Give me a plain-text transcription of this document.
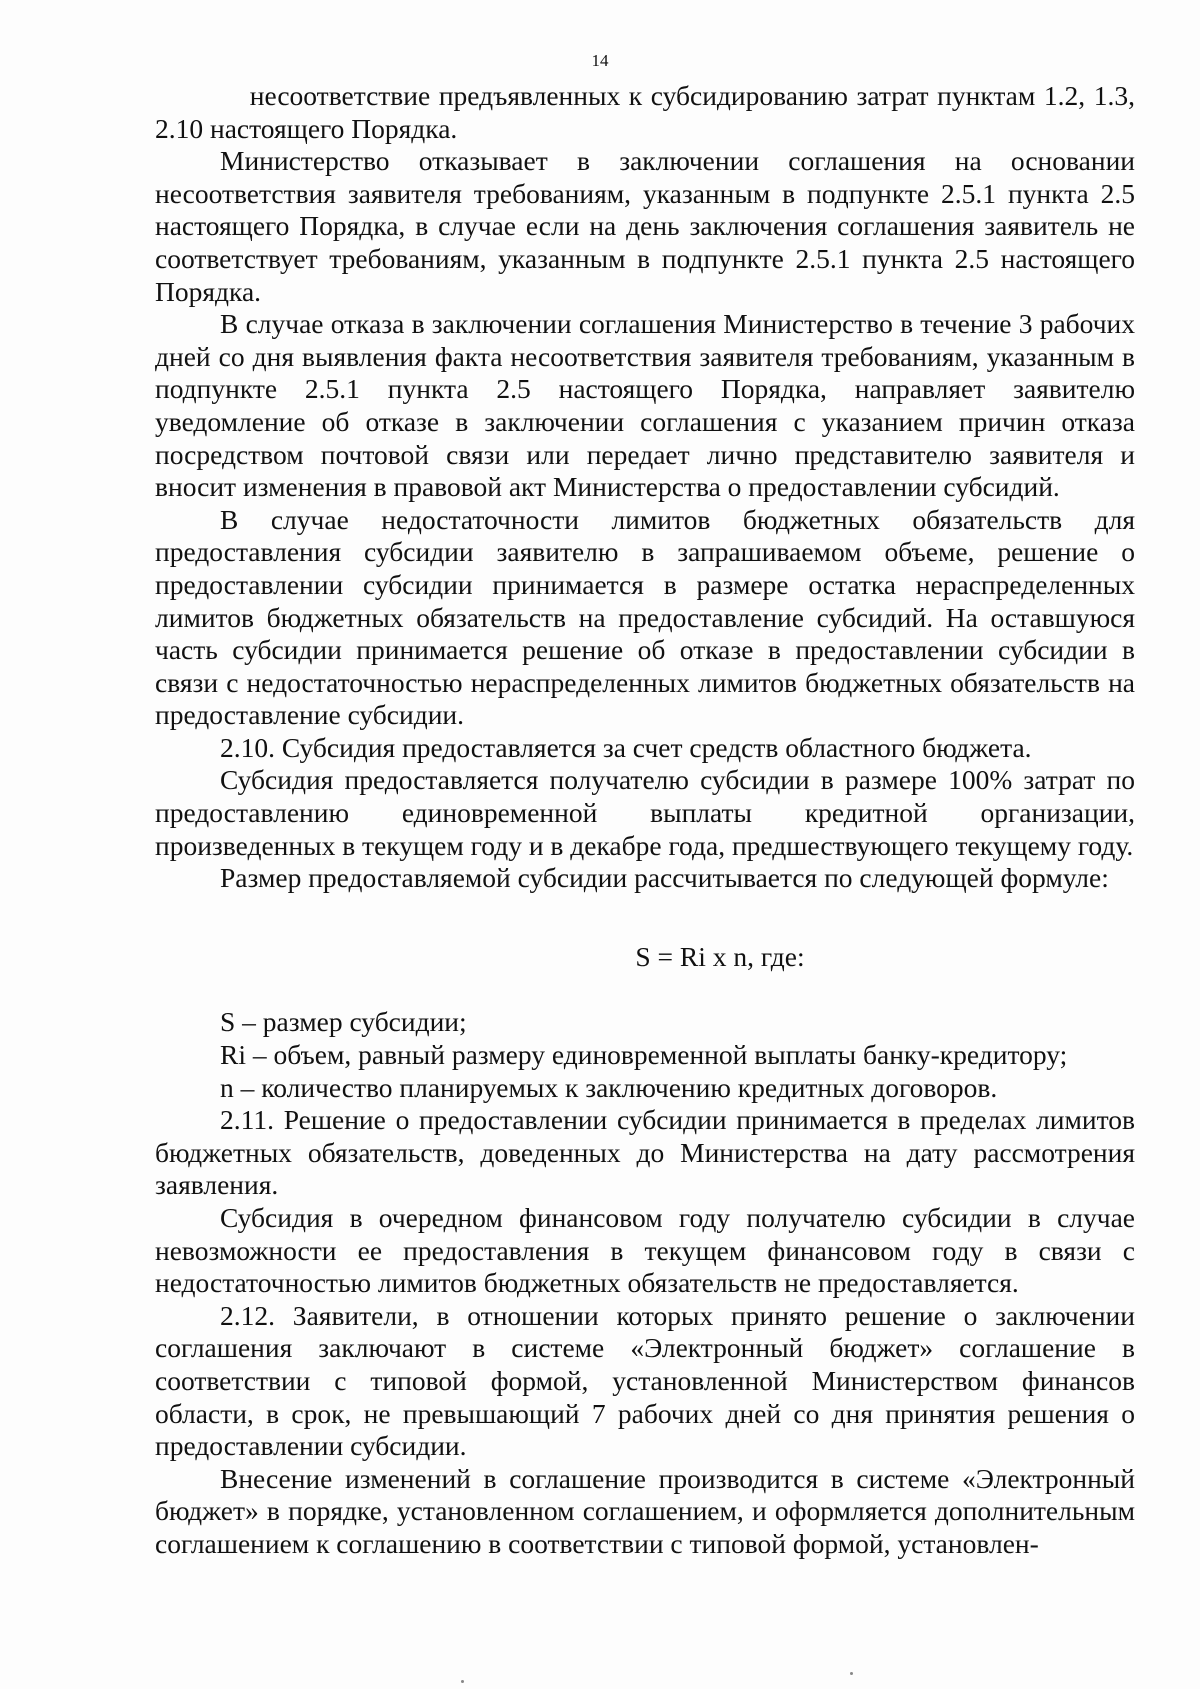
14

несоответствие предъявленных к субсидированию затрат пунктам 1.2, 1.3, 2.10 настоящего Порядка.

Министерство отказывает в заключении соглашения на основании несоответствия заявителя требованиям, указанным в подпункте 2.5.1 пункта 2.5 настоящего Порядка, в случае если на день заключения соглашения заявитель не соответствует требованиям, указанным в подпункте 2.5.1 пункта 2.5 настоящего Порядка.

В случае отказа в заключении соглашения Министерство в течение 3 рабочих дней со дня выявления факта несоответствия заявителя требованиям, указанным в подпункте 2.5.1 пункта 2.5 настоящего Порядка, направляет заявителю уведомление об отказе в заключении соглашения с указанием причин отказа посредством почтовой связи или передает лично представителю заявителя и вносит изменения в правовой акт Министерства о предоставлении субсидий.

В случае недостаточности лимитов бюджетных обязательств для предоставления субсидии заявителю в запрашиваемом объеме, решение о предоставлении субсидии принимается в размере остатка нераспределенных лимитов бюджетных обязательств на предоставление субсидий. На оставшуюся часть субсидии принимается решение об отказе в предоставлении субсидии в связи с недостаточностью нераспределенных лимитов бюджетных обязательств на предоставление субсидии.

2.10. Субсидия предоставляется за счет средств областного бюджета.

Субсидия предоставляется получателю субсидии в размере 100% затрат по предоставлению единовременной выплаты кредитной организации, произведенных в текущем году и в декабре года, предшествующего текущему году.

Размер предоставляемой субсидии рассчитывается по следующей формуле:

S = Ri x n, где:

S – размер субсидии;

Ri – объем, равный размеру единовременной выплаты банку-кредитору;

n – количество планируемых к заключению кредитных договоров.

2.11. Решение о предоставлении субсидии принимается в пределах лимитов бюджетных обязательств, доведенных до Министерства на дату рассмотрения заявления.

Субсидия в очередном финансовом году получателю субсидии в случае невозможности ее предоставления в текущем финансовом году в связи с недостаточностью лимитов бюджетных обязательств не предоставляется.

2.12. Заявители, в отношении которых принято решение о заключении соглашения заключают в системе «Электронный бюджет» соглашение в соответствии с типовой формой, установленной Министерством финансов области, в срок, не превышающий 7 рабочих дней со дня принятия решения о предоставлении субсидии.

Внесение изменений в соглашение производится в системе «Электронный бюджет» в порядке, установленном соглашением, и оформляется дополнительным соглашением к соглашению в соответствии с типовой формой, установлен-
